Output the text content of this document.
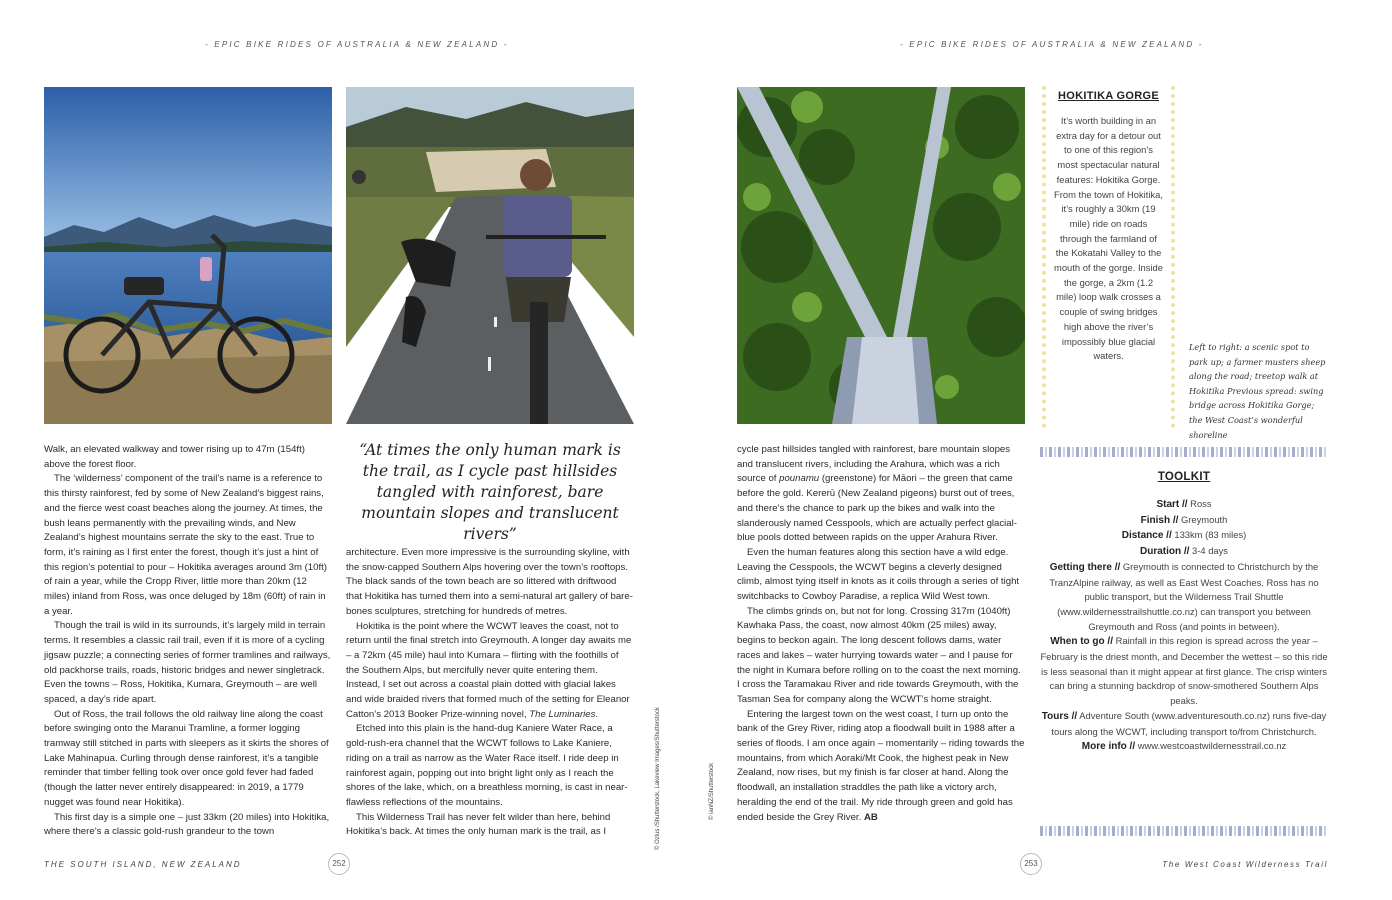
- EPIC BIKE RIDES OF AUSTRALIA & NEW ZEALAND -	- EPIC BIKE RIDES OF AUSTRALIA & NEW ZEALAND -
© Ozlus /Shutterstock, Lakeview Images/Shutterstock	© ianNZ/Shutterstock

Walk, an elevated walkway and tower rising up to 47m (154ft) above the forest floor.

The ‘wilderness’ component of the trail’s name is a reference to this thirsty rainforest, fed by some of New Zealand’s biggest rains, and the fierce west coast beaches along the journey. At times, the bush leans permanently with the prevailing winds, and New Zealand’s highest mountains serrate the sky to the east. True to form, it’s raining as I first enter the forest, though it’s just a hint of this region’s potential to pour – Hokitika averages around 3m (10ft) of rain a year, while the Cropp River, little more than 20km (12 miles) inland from Ross, was once deluged by 18m (60ft) of rain in a year.

Though the trail is wild in its surrounds, it’s largely mild in terrain terms. It resembles a classic rail trail, even if it is more of a cycling jigsaw puzzle; a connecting series of former tramlines and railways, old packhorse trails, roads, historic bridges and newer singletrack. Even the towns – Ross, Hokitika, Kumara, Greymouth – are well spaced, a day’s ride apart.

Out of Ross, the trail follows the old railway line along the coast before swinging onto the Maranui Tramline, a former logging tramway still stitched in parts with sleepers as it skirts the shores of Lake Mahinapua. Curling through dense rainforest, it’s a tangible reminder that timber felling took over once gold fever had faded (though the latter never entirely disappeared: in 2019, a 1779 nugget was found near Hokitika).

This first day is a simple one – just 33km (20 miles) into Hokitika, where there’s a classic gold-rush grandeur to the town

“At times the only human mark is the trail, as I cycle past hillsides tangled with rainforest, bare mountain slopes and translucent rivers”

architecture. Even more impressive is the surrounding skyline, with the snow-capped Southern Alps hovering over the town’s rooftops. The black sands of the town beach are so littered with driftwood that Hokitika has turned them into a semi-natural art gallery of bare-bones sculptures, stretching for hundreds of metres.

Hokitika is the point where the WCWT leaves the coast, not to return until the final stretch into Greymouth. A longer day awaits me – a 72km (45 mile) haul into Kumara – flirting with the foothills of the Southern Alps, but mercifully never quite entering them. Instead, I set out across a coastal plain dotted with glacial lakes and wide braided rivers that formed much of the setting for Eleanor Catton’s 2013 Booker Prize-winning novel, The Luminaries.

Etched into this plain is the hand-dug Kaniere Water Race, a gold-rush-era channel that the WCWT follows to Lake Kaniere, riding on a trail as narrow as the Water Race itself. I ride deep in rainforest again, popping out into bright light only as I reach the shores of the lake, which, on a breathless morning, is cast in near-flawless reflections of the mountains.

This Wilderness Trail has never felt wilder than here, behind Hokitika’s back. At times the only human mark is the trail, as I

cycle past hillsides tangled with rainforest, bare mountain slopes and translucent rivers, including the Arahura, which was a rich source of pounamu (greenstone) for Māori – the green that came before the gold. Kererū (New Zealand pigeons) burst out of trees, and there’s the chance to park up the bikes and walk into the slanderously named Cesspools, which are actually perfect glacial-blue pools dotted between rapids on the upper Arahura River.

Even the human features along this section have a wild edge. Leaving the Cesspools, the WCWT begins a cleverly designed climb, almost tying itself in knots as it coils through a series of tight switchbacks to Cowboy Paradise, a replica Wild West town.

The climbs grinds on, but not for long. Crossing 317m (1040ft) Kawhaka Pass, the coast, now almost 40km (25 miles) away, begins to beckon again. The long descent follows dams, water races and lakes – water hurrying towards water – and I pause for the night in Kumara before rolling on to the coast the next morning. I cross the Taramakau River and ride towards Greymouth, with the Tasman Sea for company along the WCWT’s home straight.

Entering the largest town on the west coast, I turn up onto the bank of the Grey River, riding atop a floodwall built in 1988 after a series of floods. I am once again – momentarily – riding towards the mountains, from which Aoraki/Mt Cook, the highest peak in New Zealand, now rises, but my finish is far closer at hand. Along the floodwall, an installation straddles the path like a victory arch, heralding the end of the trail. My ride through green and gold has ended beside the Grey River. AB

HOKITIKA GORGE

It’s worth building in an extra day for a detour out to one of this region’s most spectacular natural features: Hokitika Gorge. From the town of Hokitika, it’s roughly a 30km (19 mile) ride on roads through the farmland of the Kokatahi Valley to the mouth of the gorge. Inside the gorge, a 2km (1.2 mile) loop walk crosses a couple of swing bridges high above the river’s impossibly blue glacial waters.

Left to right: a scenic spot to park up; a farmer musters sheep along the road; treetop walk at Hokitika Previous spread: swing bridge across Hokitika Gorge; the West Coast’s wonderful shoreline
TOOLKIT
Start // Ross
Finish // Greymouth
Distance // 133km (83 miles)
Duration // 3-4 days
Getting there // Greymouth is connected to Christchurch by the TranzAlpine railway, as well as East West Coaches. Ross has no public transport, but the Wilderness Trail Shuttle (www.wildernesstrailshuttle.co.nz) can transport you between Greymouth and Ross (and points in between).
When to go // Rainfall in this region is spread across the year – February is the driest month, and December the wettest – so this ride is less seasonal than it might appear at first glance. The crisp winters can bring a stunning backdrop of snow-smothered Southern Alps peaks.
Tours // Adventure South (www.adventuresouth.co.nz) runs five-day tours along the WCWT, including transport to/from Christchurch.
More info // www.westcoastwildernesstrail.co.nz
THE SOUTH ISLAND, NEW ZEALAND	252	253	The West Coast Wilderness Trail
